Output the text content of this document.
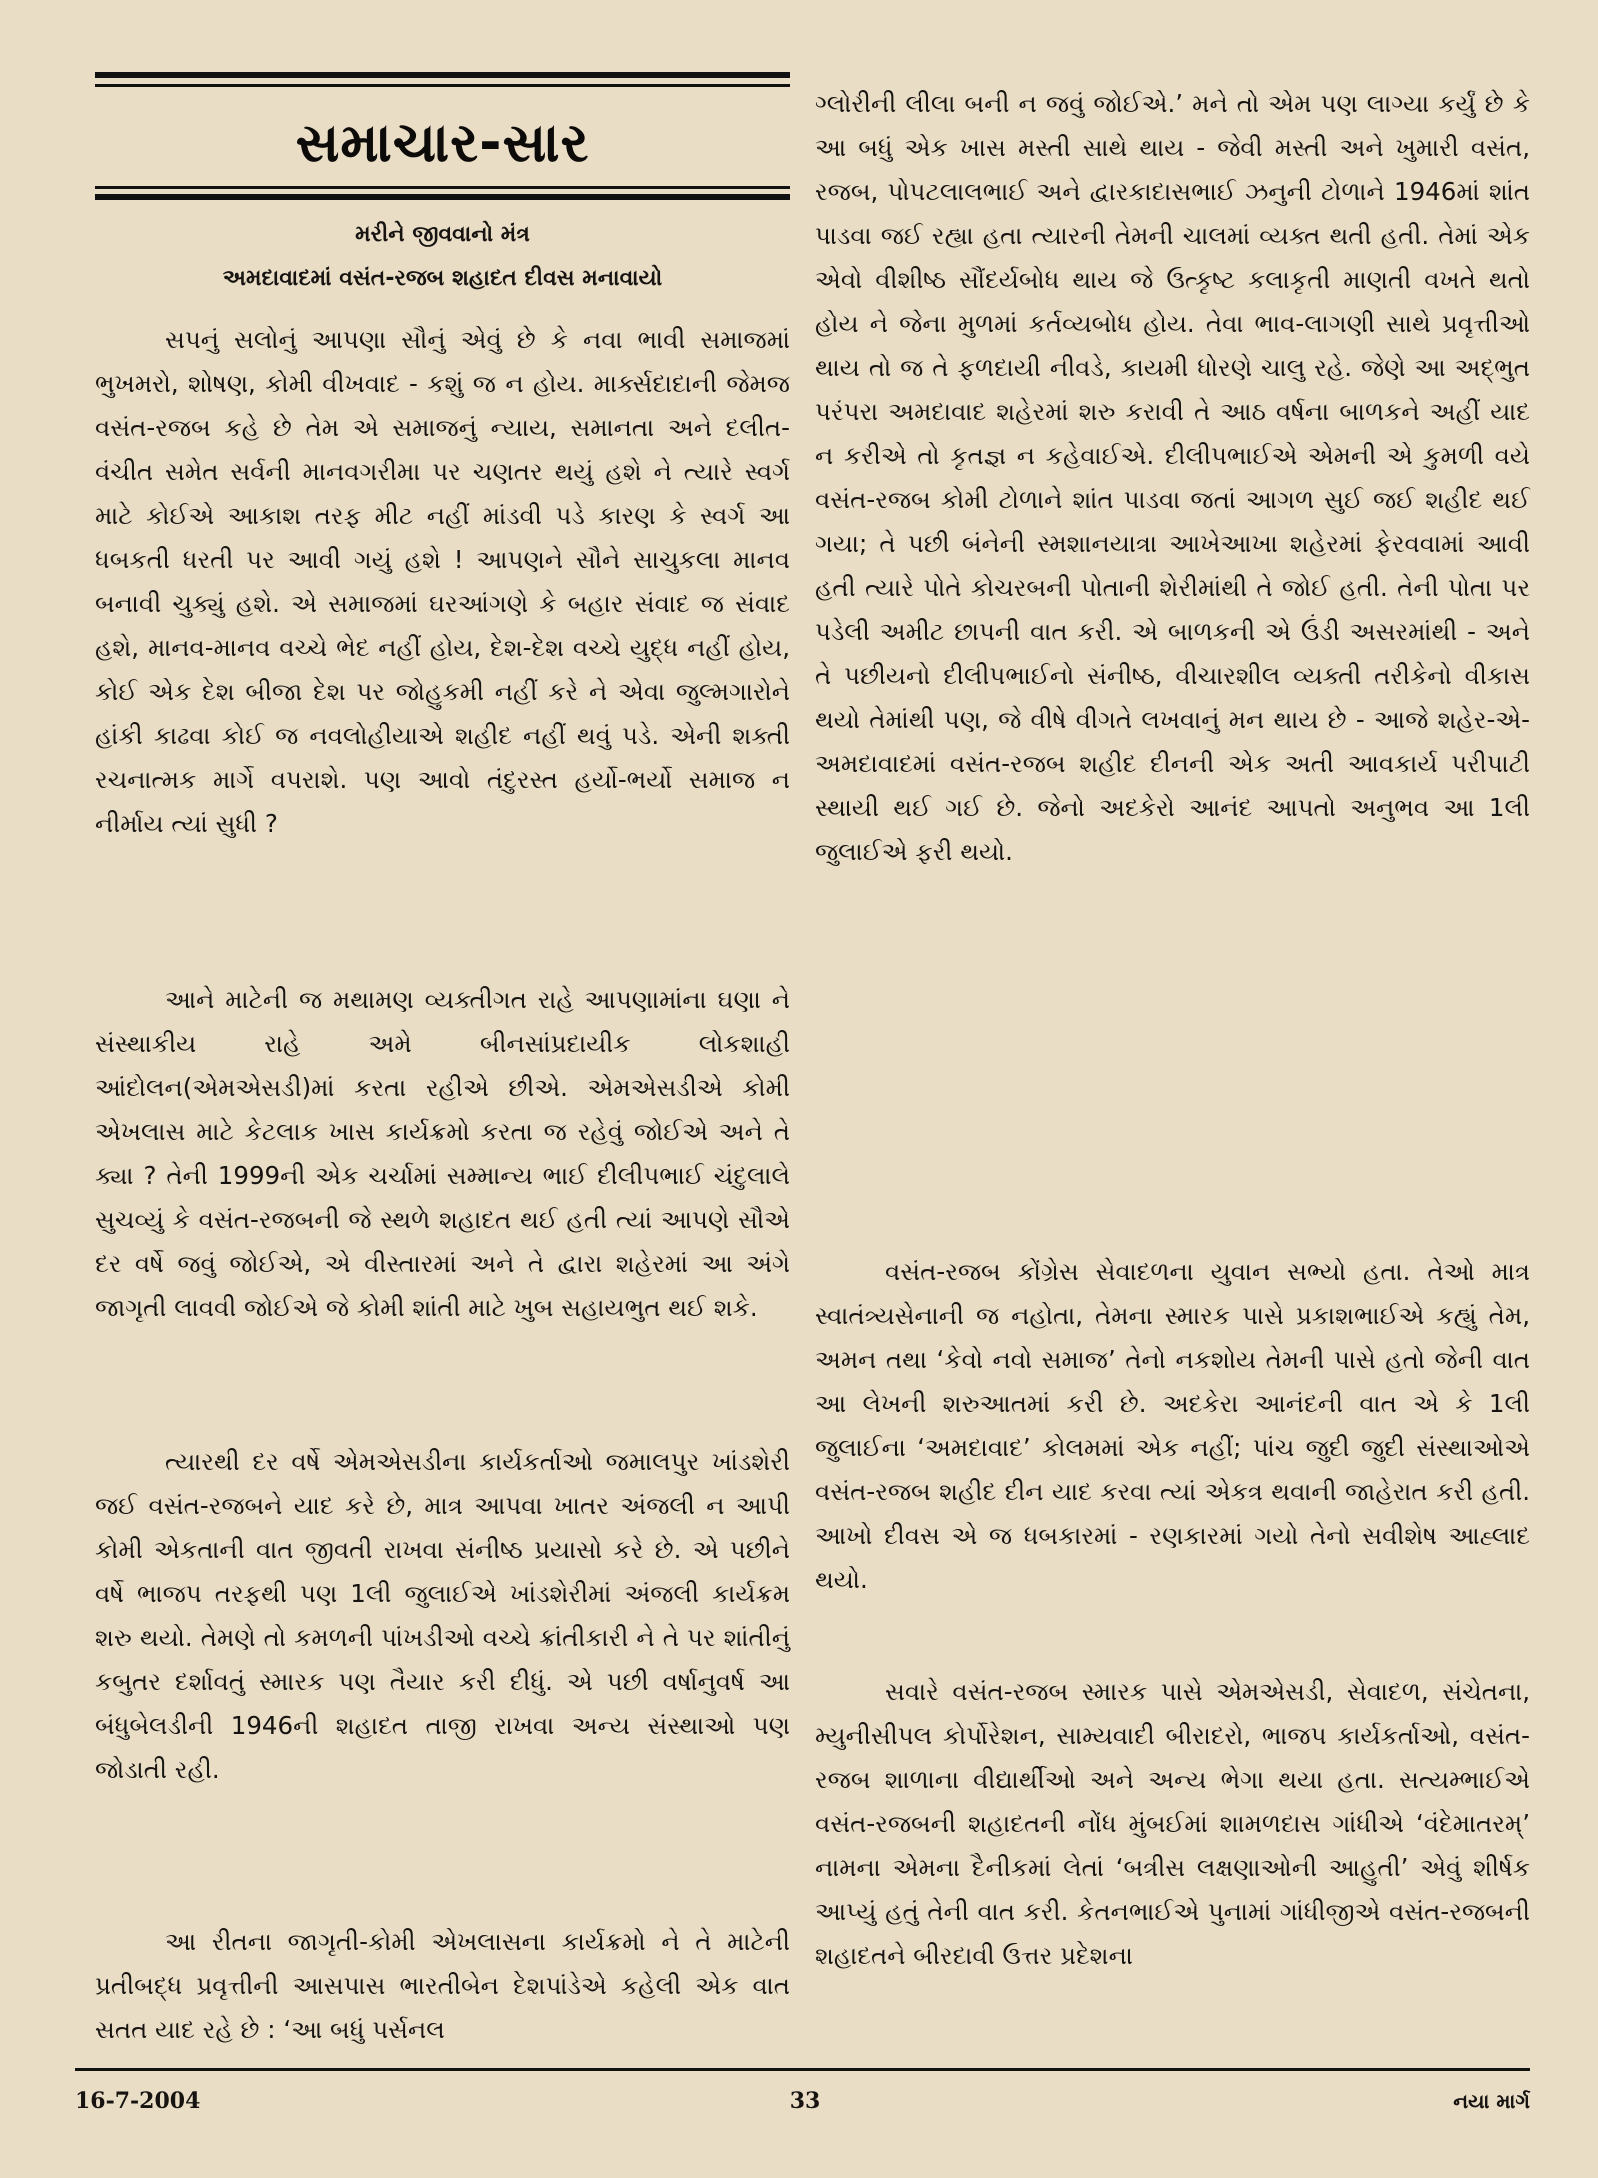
સમાચાર-સાર
મરીને જીવવાનો મંત્ર
અમદાવાદમાં વસંત-રજબ શહાદત દીવસ મનાવાયો

સપનું સલોનું આપણા સૌનું એવું છે કે નવા ભાવી સમાજમાં ભુખમરો, શોષણ, કોમી વીખવાદ - કશું જ ન હોય. માર્ક્સદાદાની જેમજ વસંત-રજબ કહે છે તેમ એ સમાજનું ન્યાય, સમાનતા અને દલીત-વંચીત સમેત સર્વની માનવગરીમા પર ચણતર થયું હશે ને ત્યારે સ્વર્ગ માટે કોઈએ આકાશ તરફ મીટ નહીં માંડવી પડે કારણ કે સ્વર્ગ આ ધબકતી ધરતી પર આવી ગયું હશે ! આપણને સૌને સાચુકલા માનવ બનાવી ચુક્યું હશે. એ સમાજમાં ઘરઆંગણે કે બહાર સંવાદ જ સંવાદ હશે, માનવ-માનવ વચ્ચે ભેદ નહીં હોય, દેશ-દેશ વચ્ચે યુદ્ધ નહીં હોય, કોઈ એક દેશ બીજા દેશ પર જોહુકમી નહીં કરે ને એવા જુલ્મગારોને હાંકી કાઢવા કોઈ જ નવલોહીયાએ શહીદ નહીં થવું પડે. એની શક્તી રચનાત્મક માર્ગે વપરાશે. પણ આવો તંદુરસ્ત હર્યો-ભર્યો સમાજ ન નીર્માય ત્યાં સુધી ?

આને માટેની જ મથામણ વ્યક્તીગત રાહે આપણામાંના ઘણા ને સંસ્થાકીય રાહે અમે બીનસાંપ્રદાયીક લોકશાહી આંદોલન(એમએસડી)માં કરતા રહીએ છીએ. એમએસડીએ કોમી એખલાસ માટે કેટલાક ખાસ કાર્યક્રમો કરતા જ રહેવું જોઈએ અને તે ક્યા ? તેની 1999ની એક ચર્ચામાં સમ્માન્ય ભાઈ દીલીપભાઈ ચંદુલાલે સુચવ્યું કે વસંત-રજબની જે સ્થળે શહાદત થઈ હતી ત્યાં આપણે સૌએ દર વર્ષે જવું જોઈએ, એ વીસ્તારમાં અને તે દ્વારા શહેરમાં આ અંગે જાગૃતી લાવવી જોઈએ જે કોમી શાંતી માટે ખુબ સહાયભુત થઈ શકે.

ત્યારથી દર વર્ષે એમએસડીના કાર્યકર્તાઓ જમાલપુર ખાંડશેરી જઈ વસંત-રજબને યાદ કરે છે, માત્ર આપવા ખાતર અંજલી ન આપી કોમી એકતાની વાત જીવતી રાખવા સંનીષ્ઠ પ્રયાસો કરે છે. એ પછીને વર્ષે ભાજપ તરફથી પણ 1લી જુલાઈએ ખાંડશેરીમાં અંજલી કાર્યક્રમ શરુ થયો. તેમણે તો કમળની પાંખડીઓ વચ્ચે ક્રાંતીકારી ને તે પર શાંતીનું કબુતર દર્શાવતું સ્મારક પણ તૈયાર કરી દીધું. એ પછી વર્ષાનુવર્ષ આ બંધુબેલડીની 1946ની શહાદત તાજી રાખવા અન્ય સંસ્થાઓ પણ જોડાતી રહી.

આ રીતના જાગૃતી-કોમી એખલાસના કાર્યક્રમો ને તે માટેની પ્રતીબદ્ધ પ્રવૃત્તીની આસપાસ ભારતીબેન દેશપાંડેએ કહેલી એક વાત સતત યાદ રહે છે : ‘આ બધું પર્સનલ

ગ્લોરીની લીલા બની ન જવું જોઈએ.’ મને તો એમ પણ લાગ્યા કર્યું છે કે આ બધું એક ખાસ મસ્તી સાથે થાય - જેવી મસ્તી અને ખુમારી વસંત, રજબ, પોપટલાલભાઈ અને દ્વારકાદાસભાઈ ઝનુની ટોળાને 1946માં શાંત પાડવા જઈ રહ્યા હતા ત્યારની તેમની ચાલમાં વ્યક્ત થતી હતી. તેમાં એક એવો વીશીષ્ઠ સૌંદર્યબોધ થાય જે ઉત્કૃષ્ટ કલાકૃતી માણતી વખતે થતો હોય ને જેના મુળમાં કર્તવ્યબોધ હોય. તેવા ભાવ-લાગણી સાથે પ્રવૃત્તીઓ થાય તો જ તે ફળદાયી નીવડે, કાયમી ધોરણે ચાલુ રહે. જેણે આ અદ્ભુત પરંપરા અમદાવાદ શહેરમાં શરુ કરાવી તે આઠ વર્ષના બાળકને અહીં યાદ ન કરીએ તો કૃતજ્ઞ ન કહેવાઈએ. દીલીપભાઈએ એમની એ કુમળી વયે વસંત-રજબ કોમી ટોળાને શાંત પાડવા જતાં આગળ સુઈ જઈ શહીદ થઈ ગયા; તે પછી બંનેની સ્મશાનયાત્રા આખેઆખા શહેરમાં ફેરવવામાં આવી હતી ત્યારે પોતે કોચરબની પોતાની શેરીમાંથી તે જોઈ હતી. તેની પોતા પર પડેલી અમીટ છાપની વાત કરી. એ બાળકની એ ઉંડી અસરમાંથી - અને તે પછીયનો દીલીપભાઈનો સંનીષ્ઠ, વીચારશીલ વ્યક્તી તરીકેનો વીકાસ થયો તેમાંથી પણ, જે વીષે વીગતે લખવાનું મન થાય છે - આજે શહેર-એ-અમદાવાદમાં વસંત-રજબ શહીદ દીનની એક અતી આવકાર્ય પરીપાટી સ્થાયી થઈ ગઈ છે. જેનો અદકેરો આનંદ આપતો અનુભવ આ 1લી જુલાઈએ ફરી થયો.

વસંત-રજબ કોંગ્રેસ સેવાદળના યુવાન સભ્યો હતા. તેઓ માત્ર સ્વાતંત્ર્યસેનાની જ નહોતા, તેમના સ્મારક પાસે પ્રકાશભાઈએ કહ્યું તેમ, અમન તથા ‘કેવો નવો સમાજ’ તેનો નકશોય તેમની પાસે હતો જેની વાત આ લેખની શરુઆતમાં કરી છે. અદકેરા આનંદની વાત એ કે 1લી જુલાઈના ‘અમદાવાદ’ કોલમમાં એક નહીં; પાંચ જુદી જુદી સંસ્થાઓએ વસંત-રજબ શહીદ દીન યાદ કરવા ત્યાં એકત્ર થવાની જાહેરાત કરી હતી. આખો દીવસ એ જ ધબકારમાં - રણકારમાં ગયો તેનો સવીશેષ આહ્લાદ થયો.

સવારે વસંત-રજબ સ્મારક પાસે એમએસડી, સેવાદળ, સંચેતના, મ્યુનીસીપલ કોર્પોરેશન, સામ્યવાદી બીરાદરો, ભાજપ કાર્યકર્તાઓ, વસંત-રજબ શાળાના વીદ્યાર્થીઓ અને અન્ય ભેગા થયા હતા. સત્યમ્ભાઈએ વસંત-રજબની શહાદતની નોંધ મુંબઈમાં શામળદાસ ગાંધીએ ‘વંદેમાતરમ્’ નામના એમના દૈનીકમાં લેતાં ‘બત્રીસ લક્ષણાઓની આહુતી’ એવું શીર્ષક આપ્યું હતું તેની વાત કરી. કેતનભાઈએ પુનામાં ગાંધીજીએ વસંત-રજબની શહાદતને બીરદાવી ઉત્તર પ્રદેશના

16-7-2004	33	નયા માર્ગ
